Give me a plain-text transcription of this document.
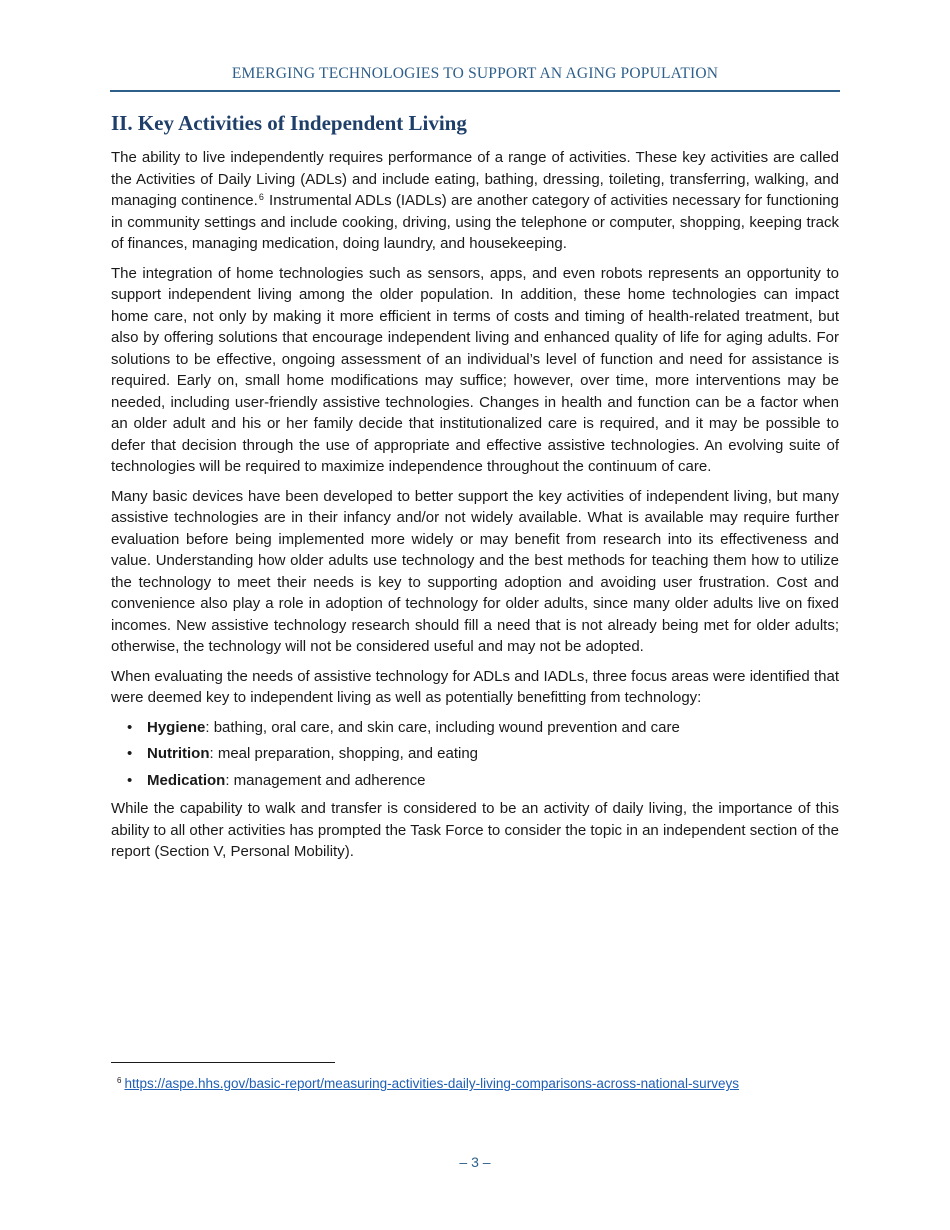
EMERGING TECHNOLOGIES TO SUPPORT AN AGING POPULATION
II. Key Activities of Independent Living

The ability to live independently requires performance of a range of activities. These key activities are called the Activities of Daily Living (ADLs) and include eating, bathing, dressing, toileting, transferring, walking, and managing continence.$^6$ Instrumental ADLs (IADLs) are another category of activities necessary for functioning in community settings and include cooking, driving, using the telephone or computer, shopping, keeping track of finances, managing medication, doing laundry, and housekeeping.

The integration of home technologies such as sensors, apps, and even robots represents an opportunity to support independent living among the older population. In addition, these home technologies can impact home care, not only by making it more efficient in terms of costs and timing of health-related treatment, but also by offering solutions that encourage independent living and enhanced quality of life for aging adults. For solutions to be effective, ongoing assessment of an individual’s level of function and need for assistance is required. Early on, small home modifications may suffice; however, over time, more interventions may be needed, including user-friendly assistive technologies. Changes in health and function can be a factor when an older adult and his or her family decide that institutionalized care is required, and it may be possible to defer that decision through the use of appropriate and effective assistive technologies. An evolving suite of technologies will be required to maximize independence throughout the continuum of care.

Many basic devices have been developed to better support the key activities of independent living, but many assistive technologies are in their infancy and/or not widely available. What is available may require further evaluation before being implemented more widely or may benefit from research into its effectiveness and value. Understanding how older adults use technology and the best methods for teaching them how to utilize the technology to meet their needs is key to supporting adoption and avoiding user frustration. Cost and convenience also play a role in adoption of technology for older adults, since many older adults live on fixed incomes. New assistive technology research should fill a need that is not already being met for older adults; otherwise, the technology will not be considered useful and may not be adopted.

When evaluating the needs of assistive technology for ADLs and IADLs, three focus areas were identified that were deemed key to independent living as well as potentially benefitting from technology:

• Hygiene: bathing, oral care, and skin care, including wound prevention and care
• Nutrition: meal preparation, shopping, and eating
• Medication: management and adherence

While the capability to walk and transfer is considered to be an activity of daily living, the importance of this ability to all other activities has prompted the Task Force to consider the topic in an independent section of the report (Section V, Personal Mobility).

$^6$ https://aspe.hhs.gov/basic-report/measuring-activities-daily-living-comparisons-across-national-surveys
– 3 –
